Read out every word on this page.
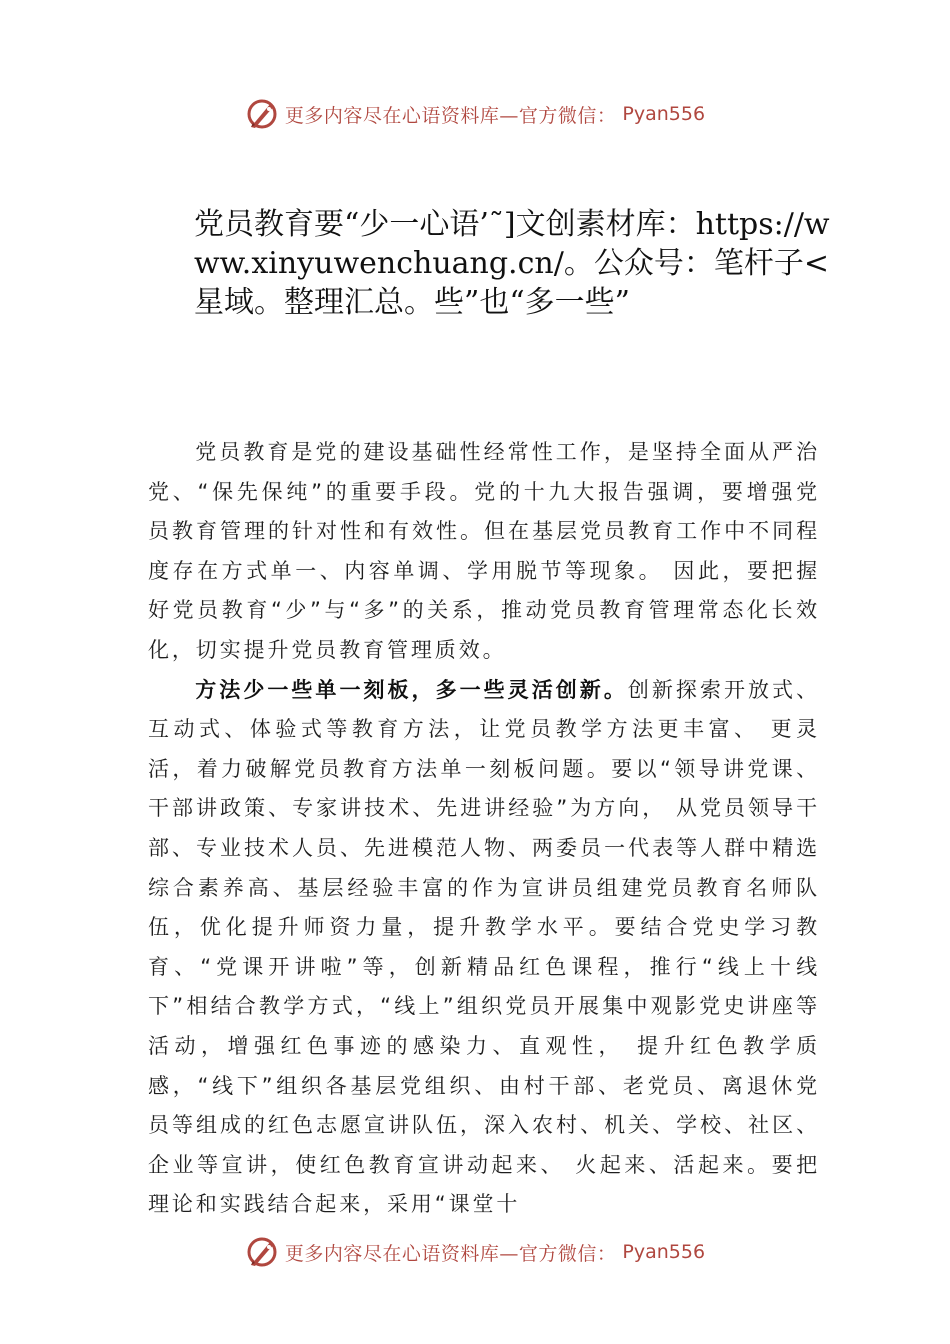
更多内容尽在心语资料库—官方微信： Pyan556
党员教育要“少一心语’˜]文创素材库：https://www.xinyuwenchuang.cn/。公众号：笔杆子<星域。整理汇总。些”也“多一些”

党员教育是党的建设基础性经常性工作，是坚持全面从严治党、“保先保纯”的重要手段。党的十九大报告强调，要增强党员教育管理的针对性和有效性。但在基层党员教育工作中不同程度存在方式单一、内容单调、学用脱节等现象。 因此，要把握好党员教育“少”与“多”的关系，推动党员教育管理常态化长效化，切实提升党员教育管理质效。

方法少一些单一刻板，多一些灵活创新。创新探索开放式、互动式、体验式等教育方法，让党员教学方法更丰富、 更灵活，着力破解党员教育方法单一刻板问题。要以“领导讲党课、干部讲政策、专家讲技术、先进讲经验”为方向， 从党员领导干部、专业技术人员、先进模范人物、两委员一代表等人群中精选综合素养高、基层经验丰富的作为宣讲员组建党员教育名师队伍，优化提升师资力量，提升教学水平。要结合党史学习教育、“党课开讲啦”等，创新精品红色课程，推行“线上十线下”相结合教学方式，“线上”组织党员开展集中观影党史讲座等活动，增强红色事迹的感染力、直观性， 提升红色教学质感，“线下”组织各基层党组织、由村干部、老党员、离退休党员等组成的红色志愿宣讲队伍，深入农村、机关、学校、社区、企业等宣讲，使红色教育宣讲动起来、 火起来、活起来。要把理论和实践结合起来，采用“课堂十

更多内容尽在心语资料库—官方微信： Pyan556
